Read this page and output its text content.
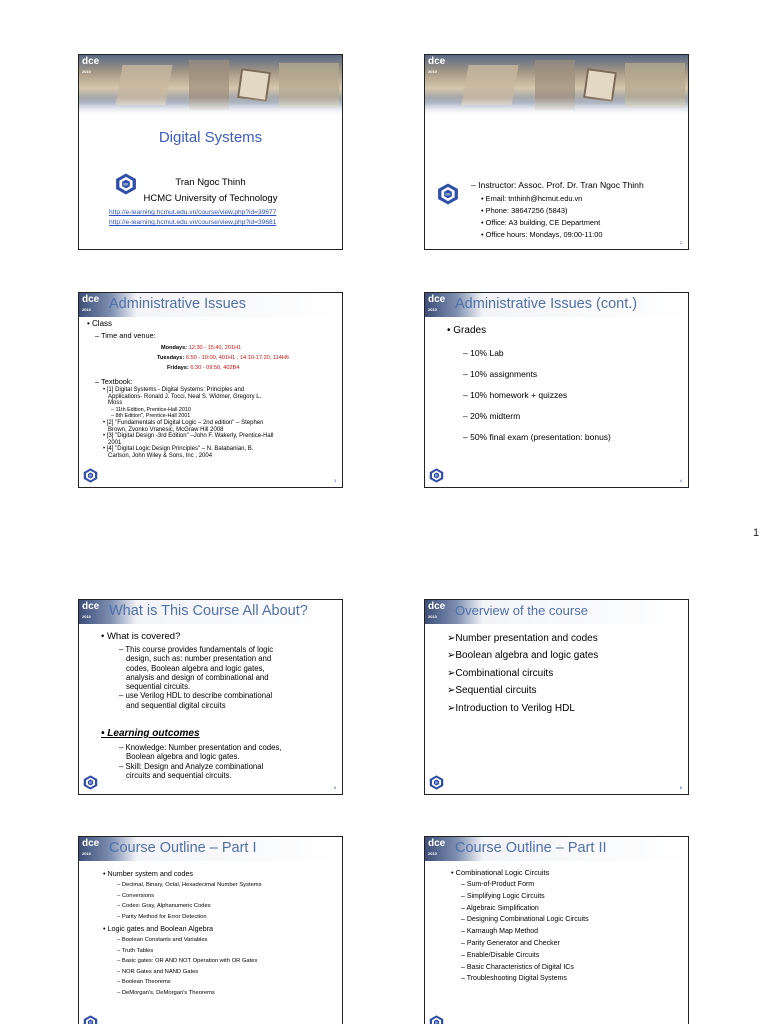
dce
2010
Digital Systems
Tran Ngoc Thinh
HCMC University of Technology
http://e-learning.hcmut.edu.vn/course/view.php?id=39677
http://e-learning.hcmut.edu.vn/course/view.php?id=39681
dce
2010
– Instructor: Assoc. Prof. Dr. Tran Ngoc Thinh
• Email: tnthinh@hcmut.edu.vn
• Phone: 38647256 (5843)
• Office: A3 building, CE Department
• Office hours: Mondays, 09:00-11:00
2
dce
2010	Administrative Issues
• Class
– Time and venue:
Mondays: 12:30 - 15:40, 201H1
Tuesdays: 6:50 - 10:00, 401H1 ; 14:10-17:20, 114H6
Fridays: 6:30 - 09:50, 402B4
– Textbook:
• [1] Digital Systems - Digital Systems: Principles and
Applications- Ronald J. Tocci, Neal S. Widmer, Gregory L.
Moss
– 11th Edition, Prentice-Hall 2010
– 8th Edition", Prentice-Hall 2001
• [2] "Fundamentals of Digital Logic – 2nd edition" – Stephen
Brown, Zvonko Vranesic, McGraw Hill 2008
• [3] "Digital Design -3rd Edition" –John F. Wakerly, Prentice-Hall
2001
• [4] "Digital Logic Design Principles" – N. Balabanian, B.
Carlson, John Wiley & Sons, Inc , 2004
3
dce
2010	Administrative Issues (cont.)
• Grades
– 10% Lab
– 10% assignments
– 10% homework + quizzes
– 20% midterm
– 50% final exam (presentation: bonus)
4
1
dce
2010	What is This Course All About?
• What is covered?
– This course provides fundamentals of logic
design, such as: number presentation and
codes, Boolean algebra and logic gates,
analysis and design of combinational and
sequential circuits.
– use Verilog HDL to describe combinational
and sequential digital circuits
• Learning outcomes
– Knowledge: Number presentation and codes,
Boolean algebra and logic gates.
– Skill: Design and Analyze combinational
circuits and sequential circuits.
5
dce
2010	Overview of the course
➢Number presentation and codes
➢Boolean algebra and logic gates
➢Combinational circuits
➢Sequential circuits
➢Introduction to Verilog HDL
6
dce
2010	Course Outline – Part I
• Number system and codes
– Decimal, Binary, Octal, Hexadecimal Number Systems
– Conversions
– Codes: Gray, Alphanumeric Codes
– Parity Method for Error Detection
• Logic gates and Boolean Algebra
– Boolean Constants and Variables
– Truth Tables
– Basic gates: OR AND NOT Operation with OR Gates
– NOR Gates and NAND Gates
– Boolean Theorems
– DeMorgan's, DeMorgan's Theorems
dce
2010	Course Outline – Part II
• Combinational Logic Circuits
– Sum-of-Product Form
– Simplifying Logic Circuits
– Algebraic Simplification
– Designing Combinational Logic Circuits
– Karnaugh Map Method
– Parity Generator and Checker
– Enable/Disable Circuits
– Basic Characteristics of Digital ICs
– Troubleshooting Digital Systems
